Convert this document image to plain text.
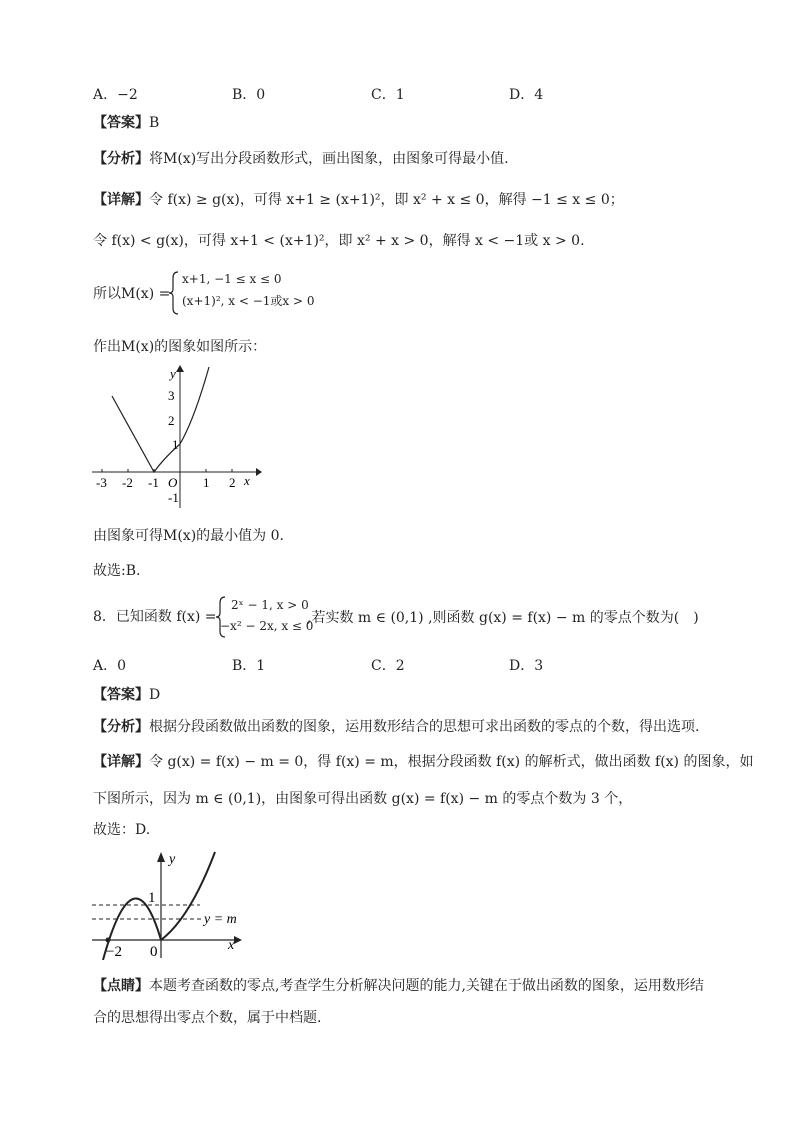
A．−2	B．0	C．1	D．4
【答案】B
【分析】将M(x)写出分段函数形式，画出图象，由图象可得最小值.
【详解】令 f(x) ≥ g(x)，可得 x+1 ≥ (x+1)²，即 x² + x ≤ 0，解得 −1 ≤ x ≤ 0；
令 f(x) < g(x)，可得 x+1 < (x+1)²，即 x² + x > 0，解得 x < −1或 x > 0.
所以M(x) =
x+1, −1 ≤ x ≤ 0
(x+1)², x < −1或x > 0
作出M(x)的图象如图所示：
-3 -2 -1	1 2 x
y
3
2
1
-1
O
由图象可得M(x)的最小值为 0.
故选:B.
8．已知函数 f(x) =
2ˣ − 1, x > 0
−x² − 2x, x ≤ 0
,若实数 m ∈ (0,1) ,则函数 g(x) = f(x) − m 的零点个数为(　)
A．0	B．1	C．2	D．3
【答案】D
【分析】根据分段函数做出函数的图象，运用数形结合的思想可求出函数的零点的个数，得出选项.
【详解】令 g(x) = f(x) − m = 0，得 f(x) = m，根据分段函数 f(x) 的解析式，做出函数 f(x) 的图象，如
下图所示，因为 m ∈ (0,1)，由图象可得出函数 g(x) = f(x) − m 的零点个数为 3 个，
故选：D.
y = m
1
0
−2	x
y
【点睛】本题考查函数的零点,考查学生分析解决问题的能力,关键在于做出函数的图象，运用数形结
合的思想得出零点个数，属于中档题.
